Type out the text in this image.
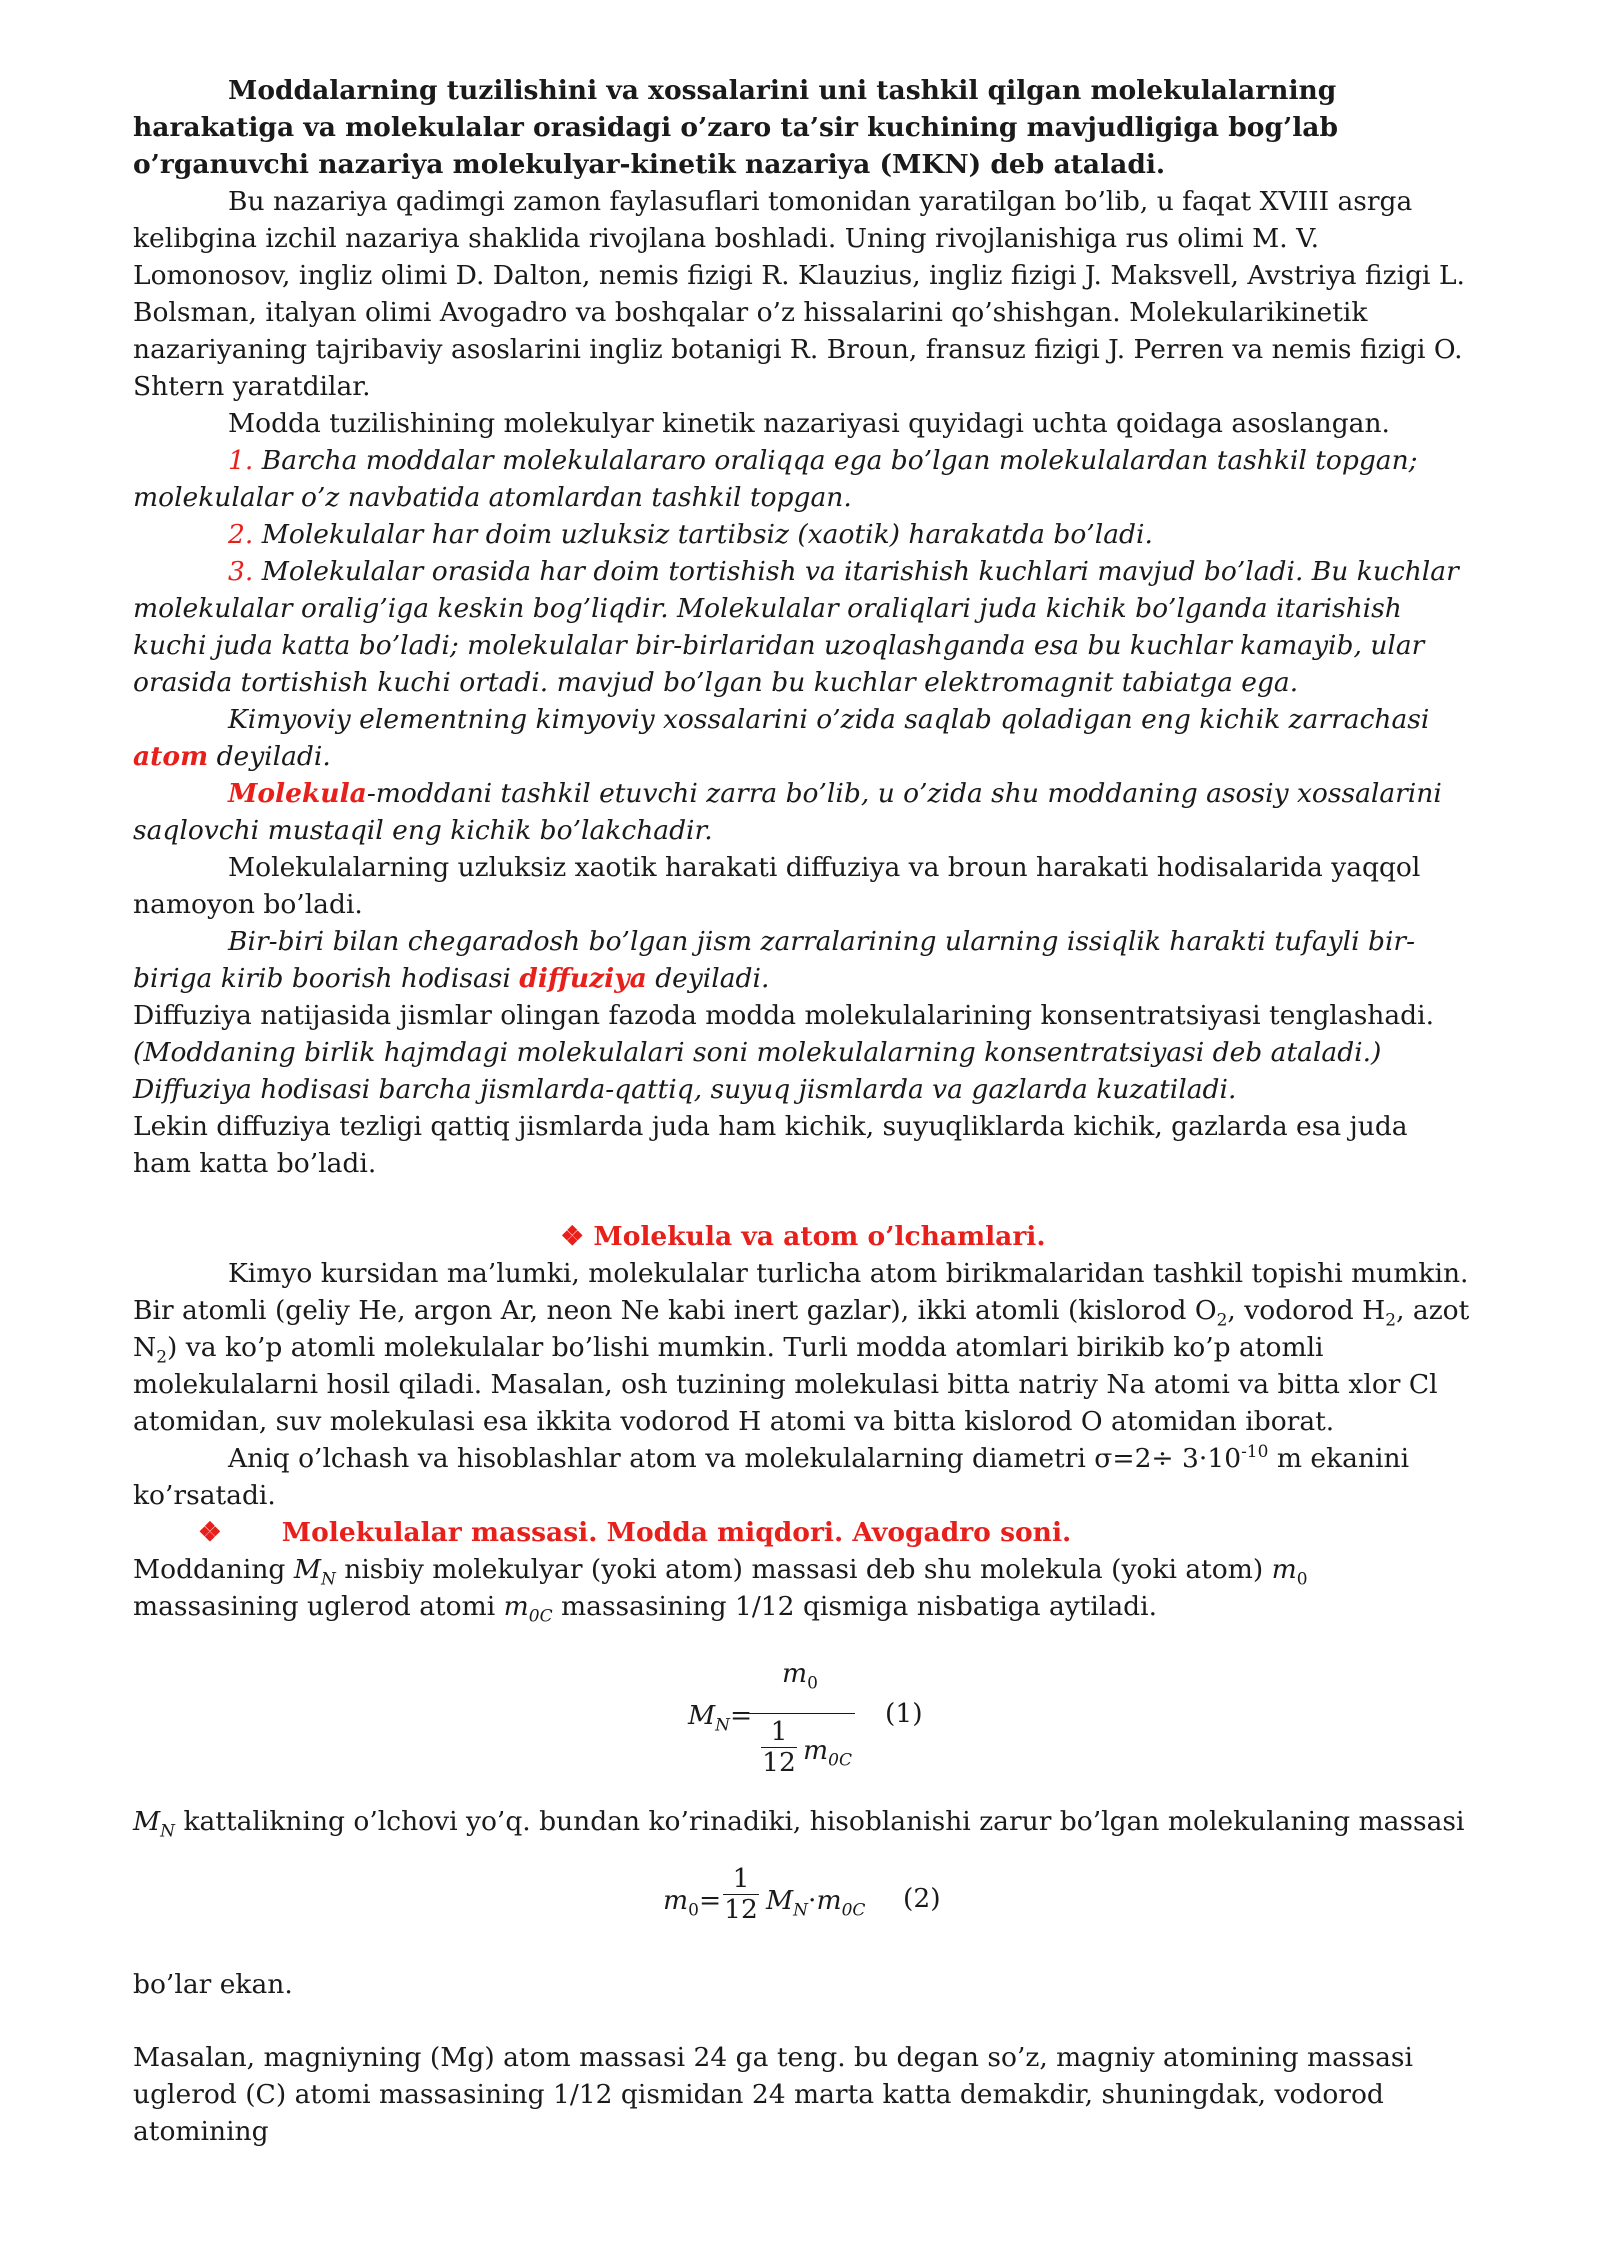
Moddalarning tuzilishini va xossalarini uni tashkil qilgan molekulalarning harakatiga va molekulalar orasidagi o’zaro ta’sir kuchining mavjudligiga bog’lab o’rganuvchi nazariya molekulyar-kinetik nazariya (MKN) deb ataladi.

Bu nazariya qadimgi zamon faylasuflari tomonidan yaratilgan bo’lib, u faqat XVIII asrga kelibgina izchil nazariya shaklida rivojlana boshladi. Uning rivojlanishiga rus olimi M. V. Lomonosov, ingliz olimi D. Dalton, nemis fizigi R. Klauzius, ingliz fizigi J. Maksvell, Avstriya fizigi L. Bolsman, italyan olimi Avogadro va boshqalar o’z hissalarini qo’shishgan. Molekularikinetik nazariyaning tajribaviy asoslarini ingliz botanigi R. Broun, fransuz fizigi J. Perren va nemis fizigi O. Shtern yaratdilar.

Modda tuzilishining molekulyar kinetik nazariyasi quyidagi uchta qoidaga asoslangan.

1. Barcha moddalar molekulalararo oraliqqa ega bo’lgan molekulalardan tashkil topgan; molekulalar o’z navbatida atomlardan tashkil topgan.

2. Molekulalar har doim uzluksiz tartibsiz (xaotik) harakatda bo’ladi.

3. Molekulalar orasida har doim tortishish va itarishish kuchlari mavjud bo’ladi. Bu kuchlar molekulalar oralig’iga keskin bog’liqdir. Molekulalar oraliqlari juda kichik bo’lganda itarishish kuchi juda katta bo’ladi; molekulalar bir-birlaridan uzoqlashganda esa bu kuchlar kamayib, ular orasida tortishish kuchi ortadi. mavjud bo’lgan bu kuchlar elektromagnit tabiatga ega.

Kimyoviy elementning kimyoviy xossalarini o’zida saqlab qoladigan eng kichik zarrachasi atom deyiladi.

Molekula-moddani tashkil etuvchi zarra bo’lib, u o’zida shu moddaning asosiy xossalarini saqlovchi mustaqil eng kichik bo’lakchadir.

Molekulalarning uzluksiz xaotik harakati diffuziya va broun harakati hodisalarida yaqqol namoyon bo’ladi.

Bir-biri bilan chegaradosh bo’lgan jism zarralarining ularning issiqlik harakti tufayli bir-biriga kirib boorish hodisasi diffuziya deyiladi.

Diffuziya natijasida jismlar olingan fazoda modda molekulalarining konsentratsiyasi tenglashadi.

(Moddaning birlik hajmdagi molekulalari soni molekulalarning konsentratsiyasi deb ataladi.)

Diffuziya hodisasi barcha jismlarda-qattiq, suyuq jismlarda va gazlarda kuzatiladi.

Lekin diffuziya tezligi qattiq jismlarda juda ham kichik, suyuqliklarda kichik, gazlarda esa juda ham katta bo’ladi.

❖ Molekula va atom o’lchamlari.

Kimyo kursidan ma’lumki, molekulalar turlicha atom birikmalaridan tashkil topishi mumkin. Bir atomli (geliy He, argon Ar, neon Ne kabi inert gazlar), ikki atomli (kislorod $O_2$, vodorod $H_2$, azot $N_2$) va ko’p atomli molekulalar bo’lishi mumkin. Turli modda atomlari birikib ko’p atomli molekulalarni hosil qiladi. Masalan, osh tuzining molekulasi bitta natriy Na atomi va bitta xlor Cl atomidan, suv molekulasi esa ikkita vodorod H atomi va bitta kislorod O atomidan iborat.

Aniq o’lchash va hisoblashlar atom va molekulalarning diametri $\sigma=2\div 3\cdot 10^{-10}$ m ekanini ko’rsatadi.

❖ Molekulalar massasi. Modda miqdori. Avogadro soni.

Moddaning $M_N$ nisbiy molekulyar (yoki atom) massasi deb shu molekula (yoki atom) $m_0$ massasining uglerod atomi $m_{0C}$ massasining 1/12 qismiga nisbatiga aytiladi.

$M_N=$
$m_0$
1
12 $m_{0C}$
(1)

$M_N$ kattalikning o’lchovi yo’q. bundan ko’rinadiki, hisoblanishi zarur bo’lgan molekulaning massasi

$m_0=$
1
12 $M_N\cdot m_{0C}$ (2)

bo’lar ekan.

Masalan, magniyning (Mg) atom massasi 24 ga teng. bu degan so’z, magniy atomining massasi uglerod (C) atomi massasining 1/12 qismidan 24 marta katta demakdir, shuningdak, vodorod atomining
